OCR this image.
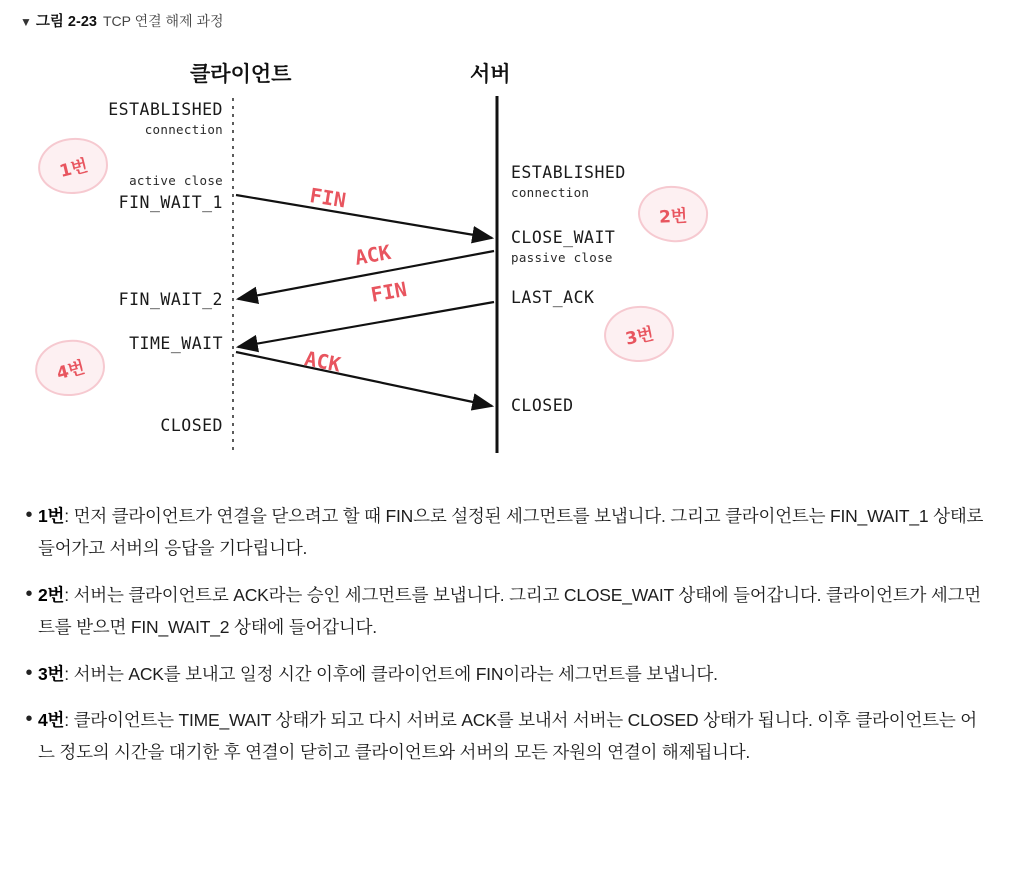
▼ 그림 2-23 TCP 연결 해제 과정
클라이언트	서버
ESTABLISHED
connection
active close
FIN_WAIT_1
FIN_WAIT_2
TIME_WAIT
CLOSED
ESTABLISHED
connection
CLOSE_WAIT
passive close
LAST_ACK
CLOSED
FIN
ACK
FIN
ACK
1번
2번
3번
4번
• 1번: 먼저 클라이언트가 연결을 닫으려고 할 때 FIN으로 설정된 세그먼트를 보냅니다. 그리고 클라이언트는 FIN_WAIT_1 상태로 들어가고 서버의 응답을 기다립니다.
• 2번: 서버는 클라이언트로 ACK라는 승인 세그먼트를 보냅니다. 그리고 CLOSE_WAIT 상태에 들어갑니다. 클라이언트가 세그먼트를 받으면 FIN_WAIT_2 상태에 들어갑니다.
• 3번: 서버는 ACK를 보내고 일정 시간 이후에 클라이언트에 FIN이라는 세그먼트를 보냅니다.
• 4번: 클라이언트는 TIME_WAIT 상태가 되고 다시 서버로 ACK를 보내서 서버는 CLOSED 상태가 됩니다. 이후 클라이언트는 어느 정도의 시간을 대기한 후 연결이 닫히고 클라이언트와 서버의 모든 자원의 연결이 해제됩니다.
